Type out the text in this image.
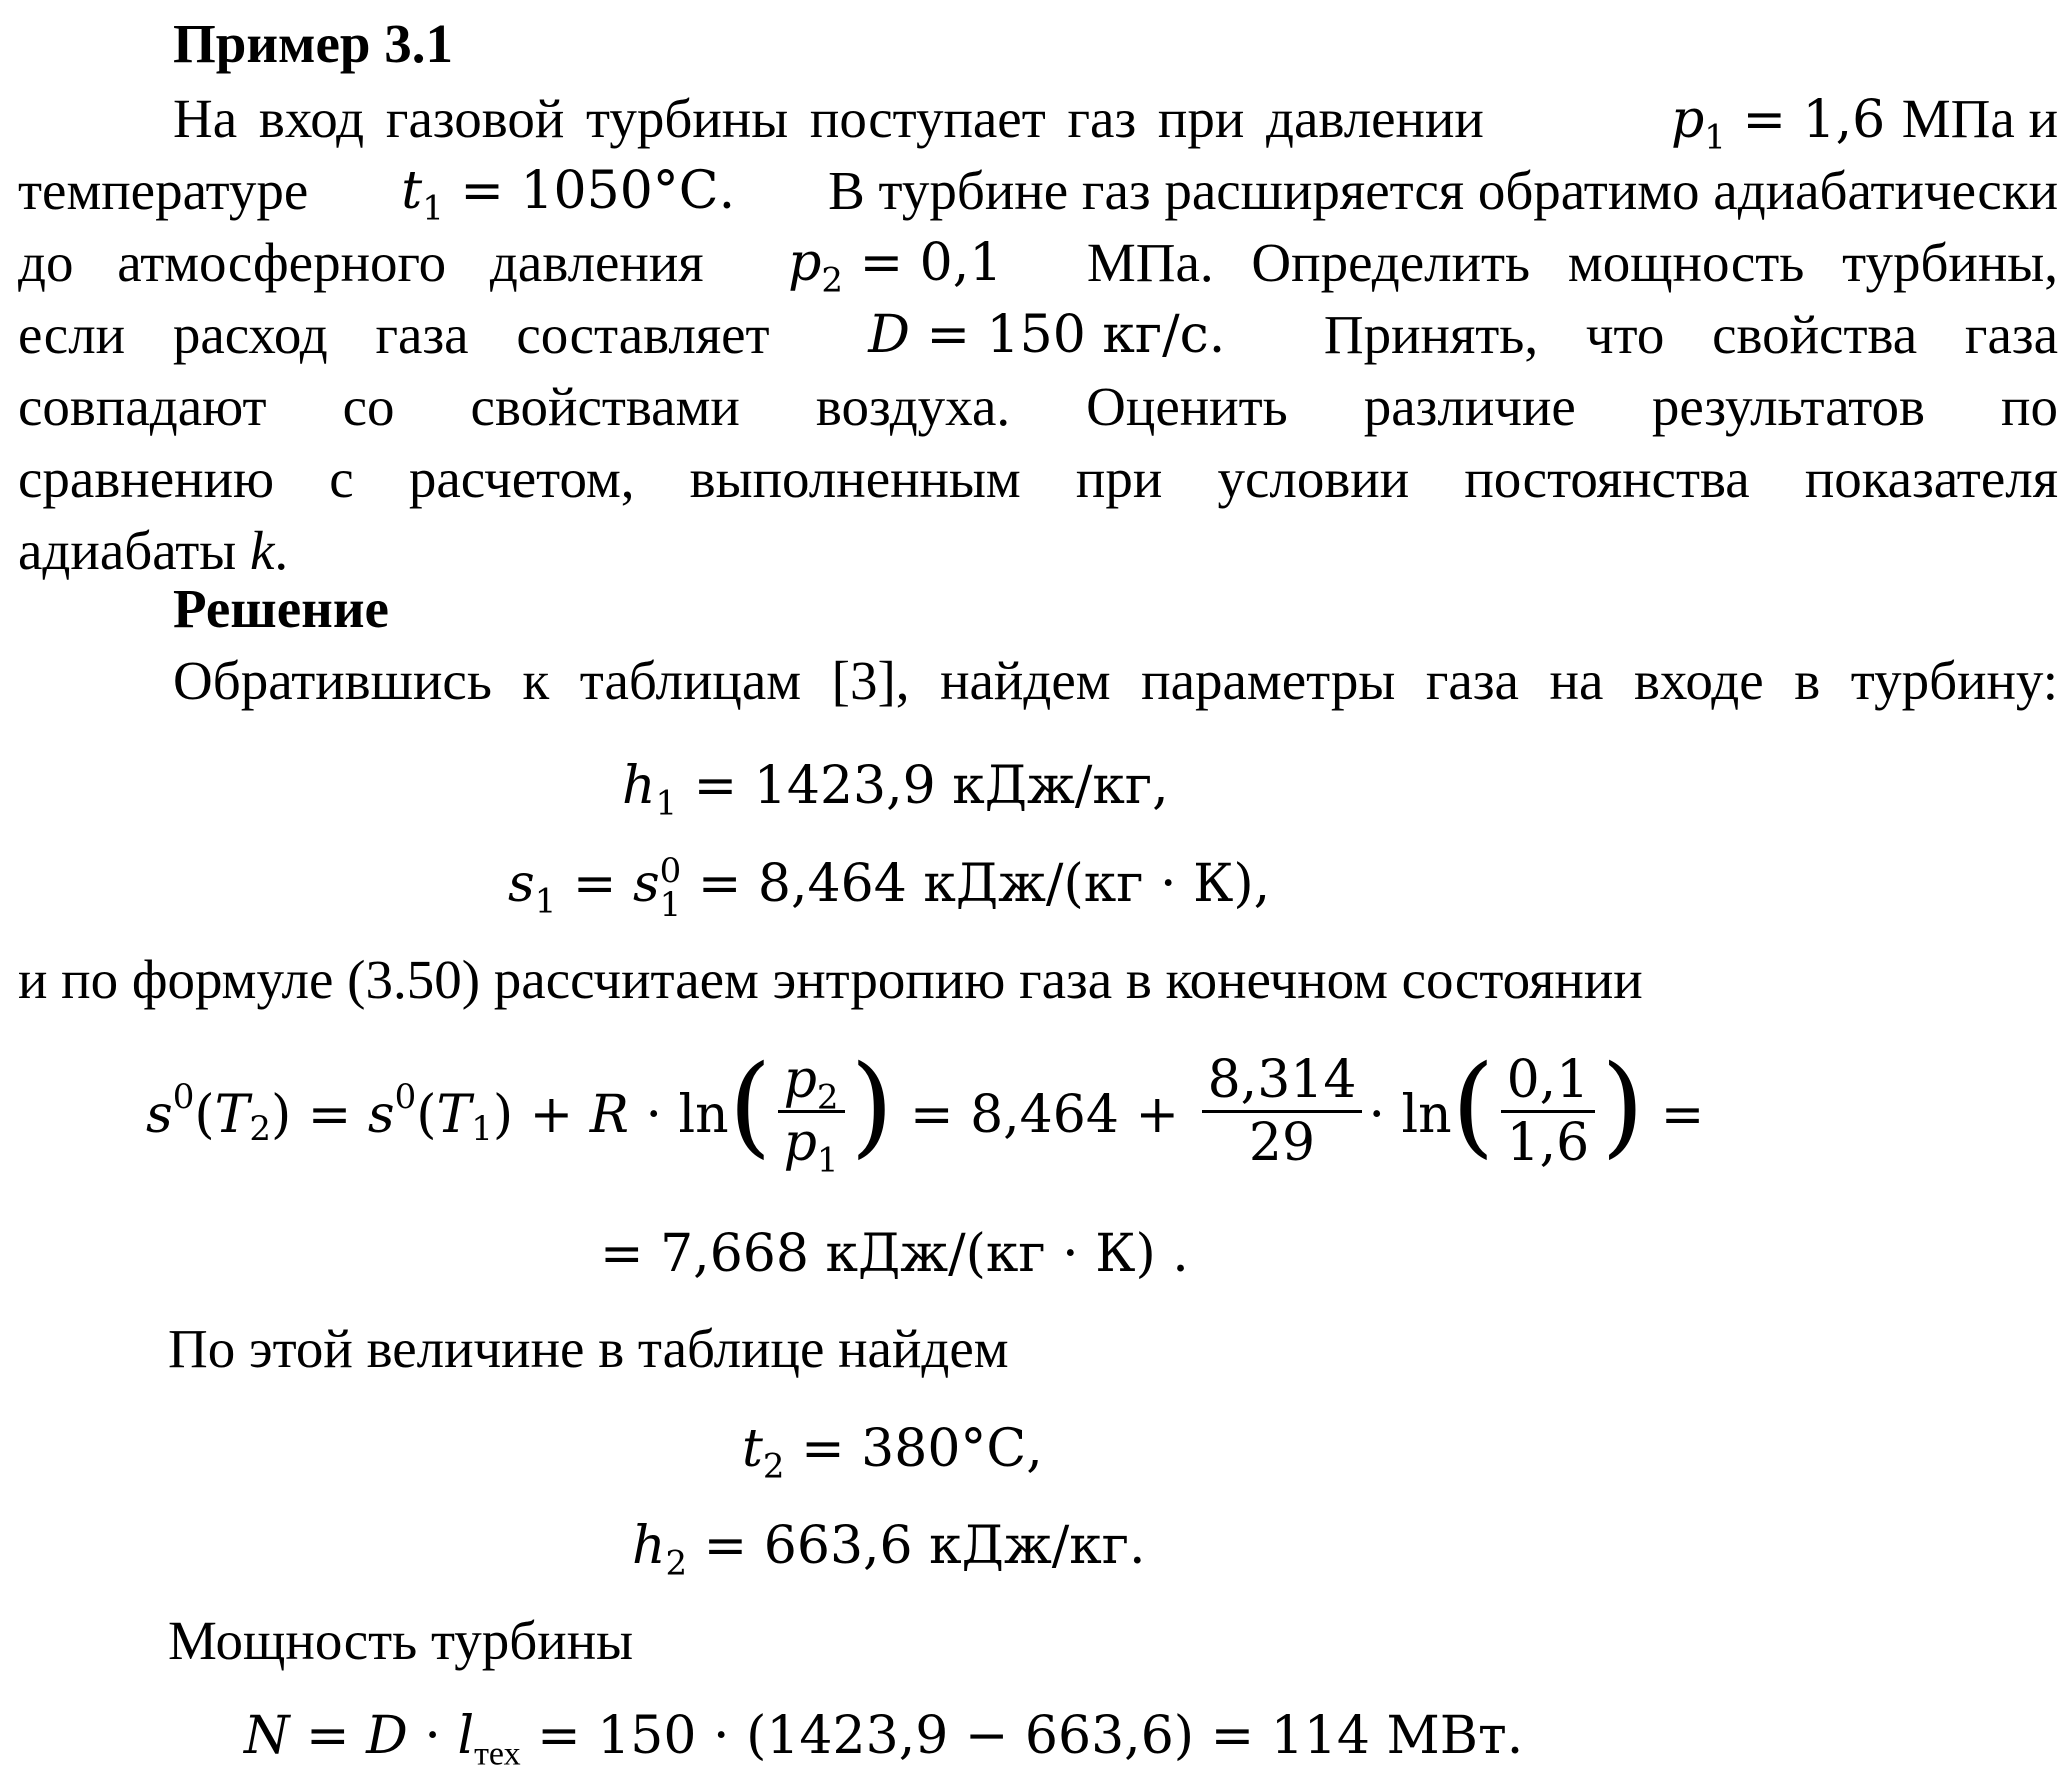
Пример 3.1
На вход газовой турбины поступает газ при давлении	$p_1 = 1,6$ МПа и
температуре $t_1 = 1050^\circ С$. В турбине газ расширяется обратимо адиабатически
до атмосферного давления $p_2 = 0,1$ МПа. Определить мощность турбины,
если расход газа составляет D = 150 кг/с. Принять, что свойства газа
совпадают со свойствами воздуха. Оценить различие результатов по
сравнению с расчетом, выполненным при условии постоянства показателя
адиабаты k.
Решение
Обратившись к таблицам [3], найдем параметры газа на входе в турбину:
$h_1 = 1423,9$ кДж/кг,
$s_1 = s$ 0
1 = 8,464 кДж/(кг · К),
и по формуле (3.50) рассчитаем энтропию газа в конечном состоянии
$s^0$ ( $T_2$ ) =
$s^0$ ( $T_1$ ) +
R
· ln ( $\frac{p_2}{p_1}$ )
= 8,464 +
$\frac{8,314}{29} \cdot \ln$ ( $\frac{0,1}{1,6}$ )
=
= 7,668 кДж/(кг · К) .
По этой величине в таблице найдем
$t_2 = 380^\circ С$,
$h_2 = 663,6$ кДж/кг.
Мощность турбины
$N = D \cdot l_{тех} = 150 \cdot (1423,9 - 663,6) = 114$ МВт.
